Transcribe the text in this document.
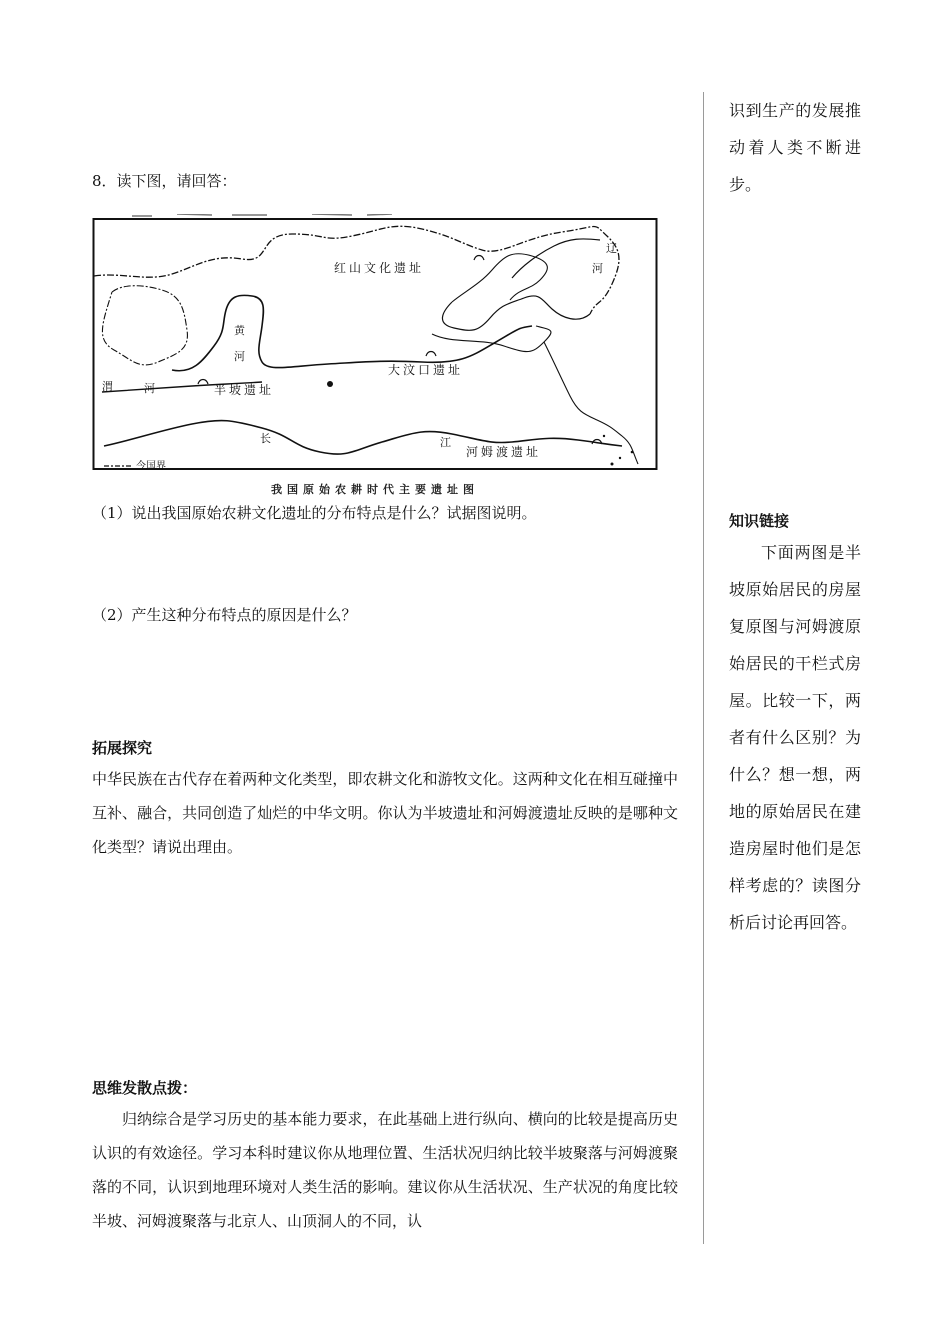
识到生产的发展推动着人类不断进步。
8．读下图，请回答：
红山文化遗址
大汶口遗址
半坡遗址
河姆渡遗址
黄
河
渭	河
长	江
辽
河
今国界
我国原始农耕时代主要遗址图
（1）说出我国原始农耕文化遗址的分布特点是什么？试据图说明。
（2）产生这种分布特点的原因是什么？
拓展探究
中华民族在古代存在着两种文化类型，即农耕文化和游牧文化。这两种文化在相互碰撞中互补、融合，共同创造了灿烂的中华文明。你认为半坡遗址和河姆渡遗址反映的是哪种文化类型？请说出理由。
思维发散点拨：
归纳综合是学习历史的基本能力要求，在此基础上进行纵向、横向的比较是提高历史认识的有效途径。学习本科时建议你从地理位置、生活状况归纳比较半坡聚落与河姆渡聚落的不同，认识到地理环境对人类生活的影响。建议你从生活状况、生产状况的角度比较半坡、河姆渡聚落与北京人、山顶洞人的不同，认
知识链接
下面两图是半坡原始居民的房屋复原图与河姆渡原始居民的干栏式房屋。比较一下，两者有什么区别？为什么？想一想，两地的原始居民在建造房屋时他们是怎样考虑的？读图分析后讨论再回答。
